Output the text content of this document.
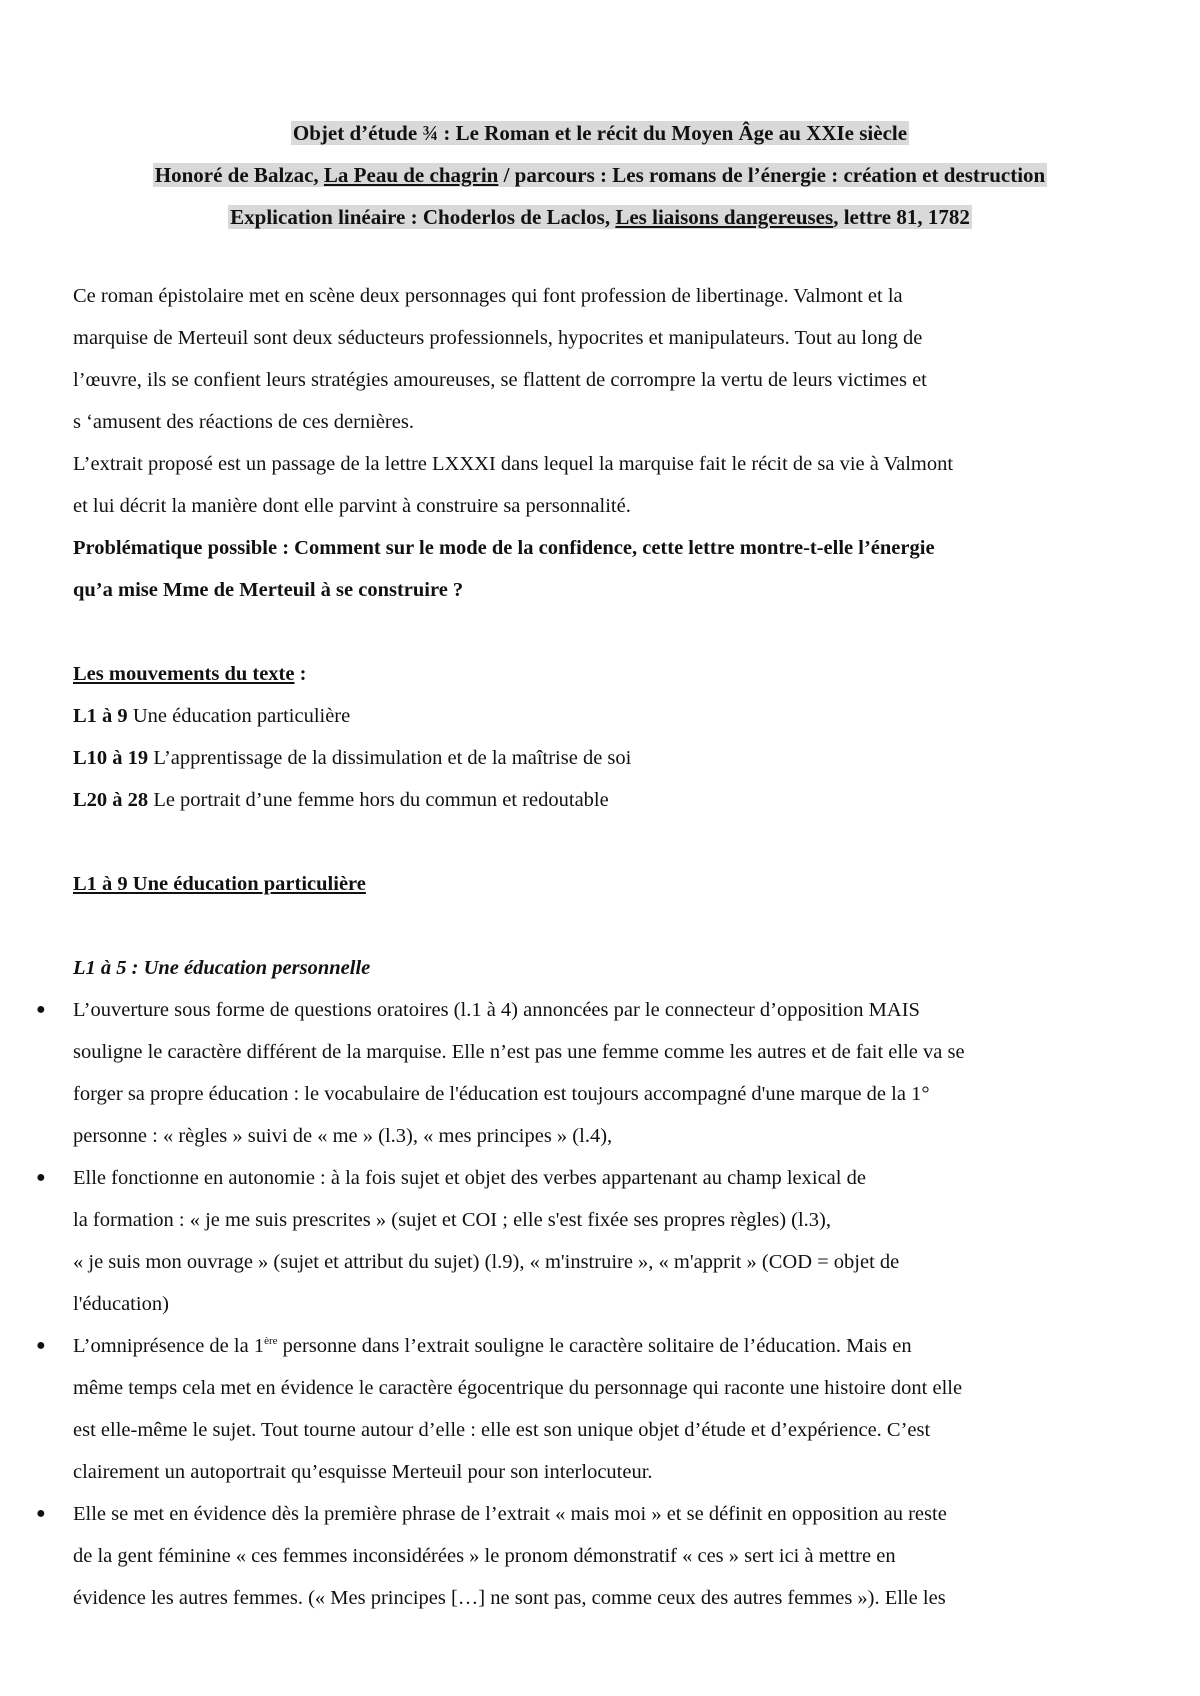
Objet d’étude ¾ : Le Roman et le récit du Moyen Âge au XXIe siècle
Honoré de Balzac, La Peau de chagrin / parcours : Les romans de l’énergie : création et destruction
Explication linéaire : Choderlos de Laclos, Les liaisons dangereuses, lettre 81, 1782

Ce roman épistolaire met en scène deux personnages qui font profession de libertinage. Valmont et la

marquise de Merteuil sont deux séducteurs professionnels, hypocrites et manipulateurs. Tout au long de

l’œuvre, ils se confient leurs stratégies amoureuses, se flattent de corrompre la vertu de leurs victimes et

s ‘amusent des réactions de ces dernières.

L’extrait proposé est un passage de la lettre LXXXI dans lequel la marquise fait le récit de sa vie à Valmont

et lui décrit la manière dont elle parvint à construire sa personnalité.

Problématique possible : Comment sur le mode de la confidence, cette lettre montre-t-elle l’énergie

qu’a mise Mme de Merteuil à se construire ?

Les mouvements du texte :

L1 à 9 Une éducation particulière

L10 à 19 L’apprentissage de la dissimulation et de la maîtrise de soi

L20 à 28 Le portrait d’une femme hors du commun et redoutable

L1 à 9 Une éducation particulière

L1 à 5 : Une éducation personnelle

● L’ouverture sous forme de questions oratoires (l.1 à 4) annoncées par le connecteur d’opposition MAIS
souligne le caractère différent de la marquise. Elle n’est pas une femme comme les autres et de fait elle va se
forger sa propre éducation : le vocabulaire de l'éducation est toujours accompagné d'une marque de la 1°
personne : « règles » suivi de « me » (l.3), « mes principes » (l.4),
● Elle fonctionne en autonomie : à la fois sujet et objet des verbes appartenant au champ lexical de
la formation : « je me suis prescrites » (sujet et COI ; elle s'est fixée ses propres règles) (l.3),
« je suis mon ouvrage » (sujet et attribut du sujet) (l.9), « m'instruire », « m'apprit » (COD = objet de
l'éducation)
● L’omniprésence de la 1ère personne dans l’extrait souligne le caractère solitaire de l’éducation. Mais en
même temps cela met en évidence le caractère égocentrique du personnage qui raconte une histoire dont elle
est elle-même le sujet. Tout tourne autour d’elle : elle est son unique objet d’étude et d’expérience. C’est
clairement un autoportrait qu’esquisse Merteuil pour son interlocuteur.
● Elle se met en évidence dès la première phrase de l’extrait « mais moi » et se définit en opposition au reste
de la gent féminine « ces femmes inconsidérées » le pronom démonstratif « ces » sert ici à mettre en
évidence les autres femmes. (« Mes principes […] ne sont pas, comme ceux des autres femmes »). Elle les
